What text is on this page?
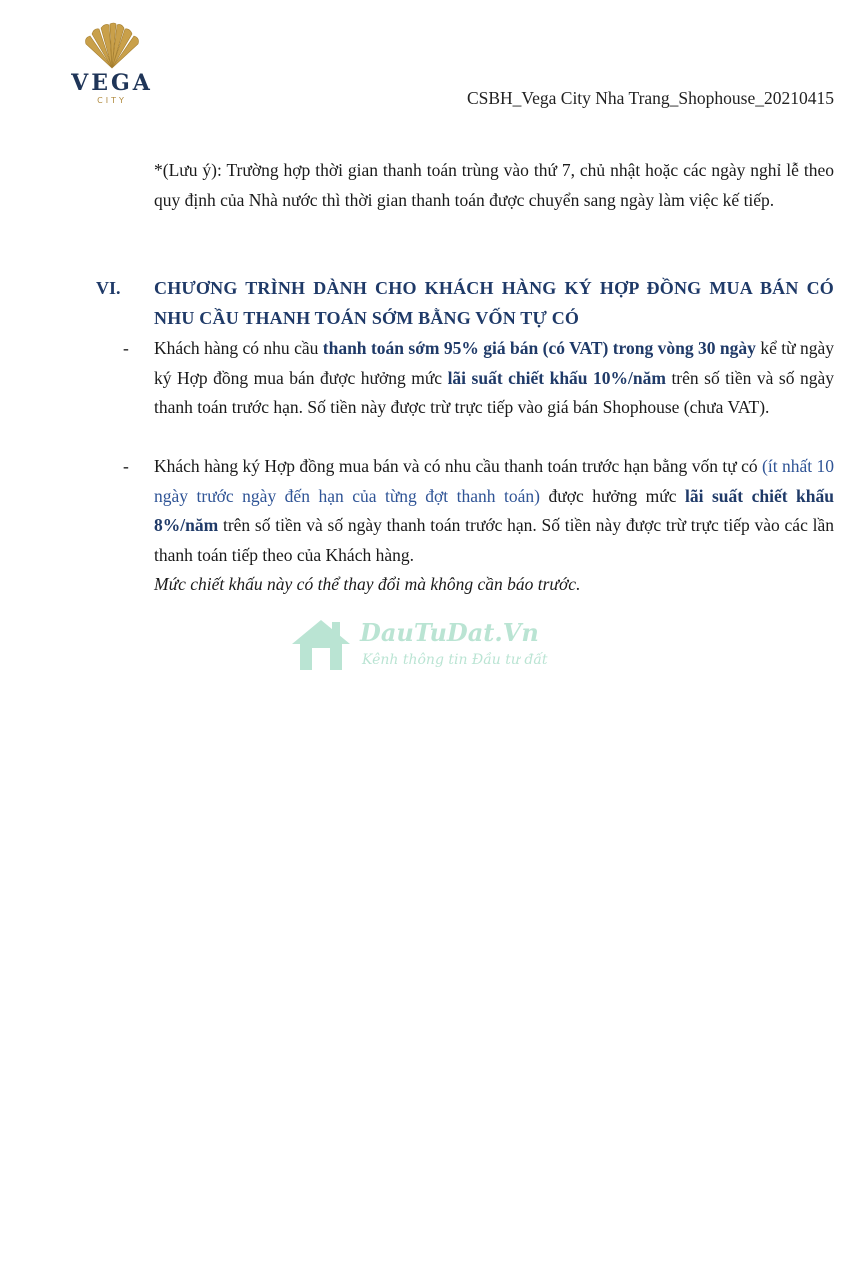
VEGA
CITY	CSBH_Vega City Nha Trang_Shophouse_20210415
*(Lưu ý): Trường hợp thời gian thanh toán trùng vào thứ 7, chủ nhật hoặc các ngày nghỉ lễ theo quy định của Nhà nước thì thời gian thanh toán được chuyển sang ngày làm việc kế tiếp.
VI. CHƯƠNG TRÌNH DÀNH CHO KHÁCH HÀNG KÝ HỢP ĐỒNG MUA BÁN CÓ NHU CẦU THANH TOÁN SỚM BẰNG VỐN TỰ CÓ
- Khách hàng có nhu cầu thanh toán sớm 95% giá bán (có VAT) trong vòng 30 ngày kể từ ngày ký Hợp đồng mua bán được hưởng mức lãi suất chiết khấu 10%/năm trên số tiền và số ngày thanh toán trước hạn. Số tiền này được trừ trực tiếp vào giá bán Shophouse (chưa VAT).
- Khách hàng ký Hợp đồng mua bán và có nhu cầu thanh toán trước hạn bằng vốn tự có (ít nhất 10 ngày trước ngày đến hạn của từng đợt thanh toán) được hưởng mức lãi suất chiết khấu 8%/năm trên số tiền và số ngày thanh toán trước hạn. Số tiền này được trừ trực tiếp vào các lần thanh toán tiếp theo của Khách hàng.
Mức chiết khấu này có thể thay đổi mà không cần báo trước.
DauTuDat.Vn
Kênh thông tin Đầu tư đất
